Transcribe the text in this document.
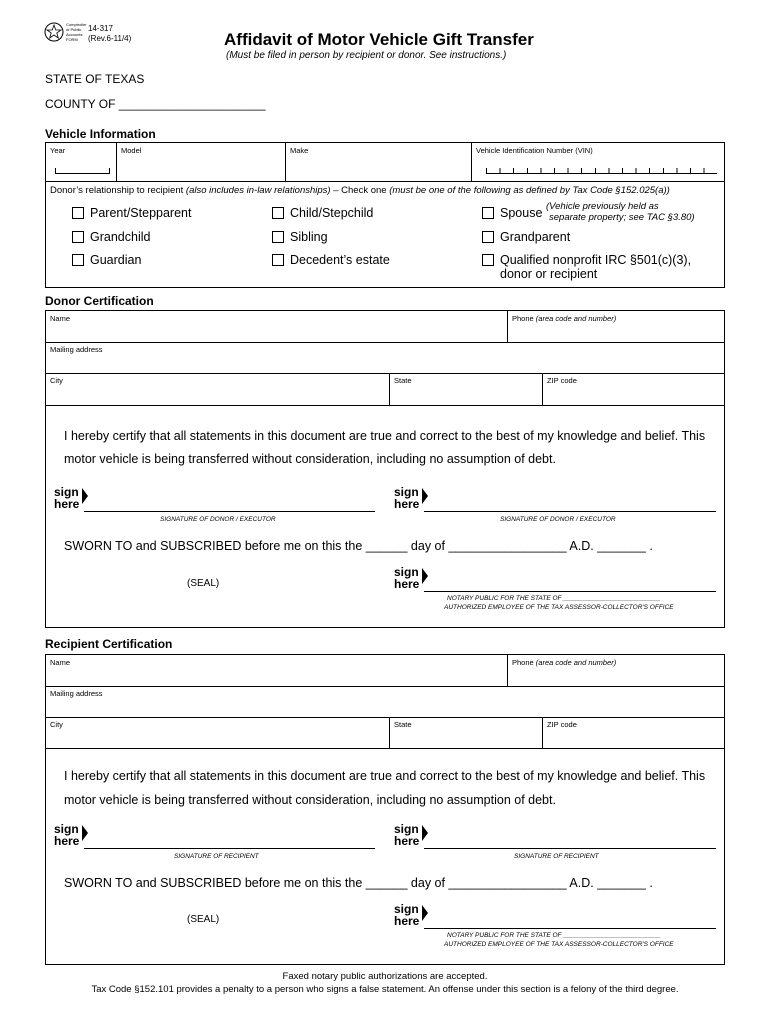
Comptroller of Public Accounts FORM
14-317
(Rev.6-11/4)	Affidavit of Motor Vehicle Gift Transfer
(Must be filed in person by recipient or donor. See instructions.)
STATE OF TEXAS
COUNTY OF ______________________
Vehicle Information
Year	Model	Make	Vehicle Identification Number (VIN)
Donor’s relationship to recipient (also includes in-law relationships) – Check one (must be one of the following as defined by Tax Code §152.025(a))
Parent/Stepparent	Child/Stepchild	Spouse (Vehicle previously held as
separate property; see TAC §3.80)
Grandchild	Sibling	Grandparent
Guardian	Decedent’s estate	Qualified nonprofit IRC §501(c)(3),
donor or recipient
Donor Certification
Name	Phone (area code and number)
Mailing address
City	State	ZIP code
I hereby certify that all statements in this document are true and correct to the best of my knowledge and belief. This
motor vehicle is being transferred without consideration, including no assumption of debt.
sign
here
SIGNATURE OF DONOR / EXECUTOR
sign
here
SIGNATURE OF DONOR / EXECUTOR
SWORN TO and SUBSCRIBED before me on this the ______ day of _________________ A.D. _______ .
(SEAL)
sign
here
NOTARY PUBLIC FOR THE STATE OF ___________________________
AUTHORIZED EMPLOYEE OF THE TAX ASSESSOR-COLLECTOR'S OFFICE
Recipient Certification
Name	Phone (area code and number)
Mailing address
City	State	ZIP code
I hereby certify that all statements in this document are true and correct to the best of my knowledge and belief. This
motor vehicle is being transferred without consideration, including no assumption of debt.
sign
here
SIGNATURE OF RECIPIENT
sign
here
SIGNATURE OF RECIPIENT
SWORN TO and SUBSCRIBED before me on this the ______ day of _________________ A.D. _______ .
(SEAL)
sign
here
NOTARY PUBLIC FOR THE STATE OF ___________________________
AUTHORIZED EMPLOYEE OF THE TAX ASSESSOR-COLLECTOR'S OFFICE
Faxed notary public authorizations are accepted.
Tax Code §152.101 provides a penalty to a person who signs a false statement. An offense under this section is a felony of the third degree.
